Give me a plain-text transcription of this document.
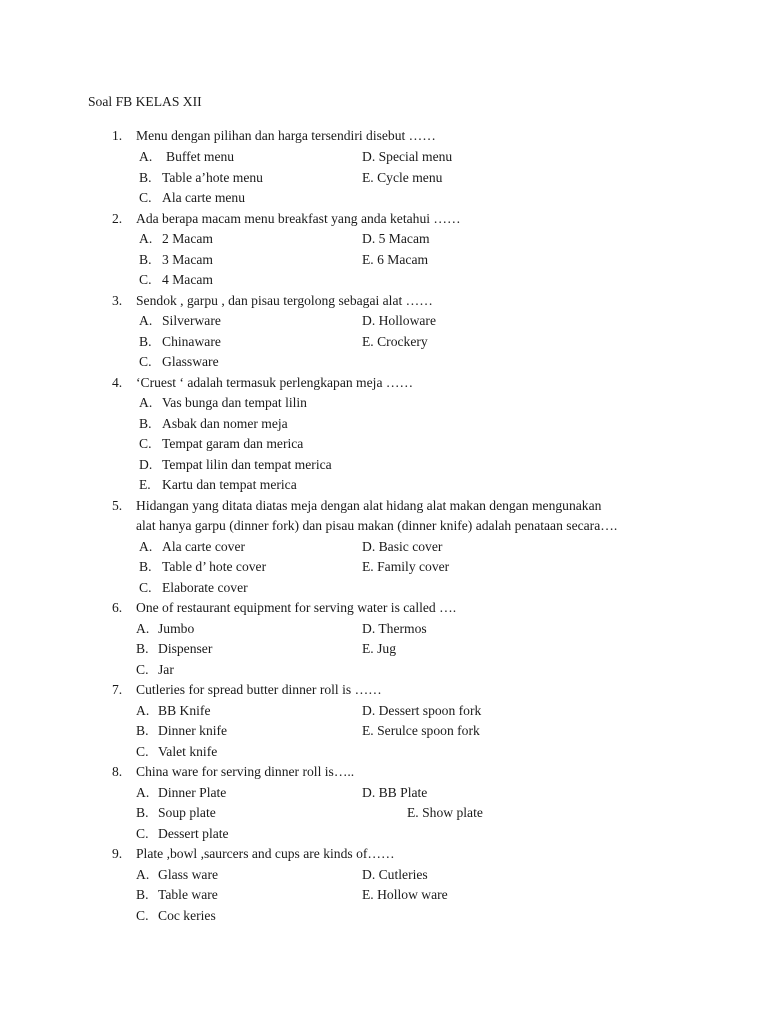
Soal FB KELAS XII
1. Menu dengan pilihan dan harga tersendiri disebut ……
A. Buffet menu	D. Special menu
B. Table a’hote menu	E. Cycle menu
C. Ala carte menu
2. Ada berapa macam menu breakfast yang anda ketahui ……
A. 2 Macam	D. 5 Macam
B. 3 Macam	E. 6 Macam
C. 4 Macam
3. Sendok , garpu , dan pisau tergolong sebagai alat ……
A. Silverware	D. Holloware
B. Chinaware	E. Crockery
C. Glassware
4. ‘Cruest ‘ adalah termasuk perlengkapan meja ……
A. Vas bunga dan tempat lilin
B. Asbak dan nomer meja
C. Tempat garam dan merica
D. Tempat lilin dan tempat merica
E. Kartu dan tempat merica
5. Hidangan yang ditata diatas meja dengan alat hidang alat makan dengan mengunakan
alat hanya garpu (dinner fork) dan pisau makan (dinner knife) adalah penataan secara….
A. Ala carte cover	D. Basic cover
B. Table d’ hote cover	E. Family cover
C. Elaborate cover
6. One of restaurant equipment for serving water is called ….
A. Jumbo	D. Thermos
B. Dispenser	E. Jug
C. Jar
7. Cutleries for spread butter dinner roll is ……
A. BB Knife	D. Dessert spoon fork
B. Dinner knife	E. Serulce spoon fork
C. Valet knife
8. China ware for serving dinner roll is…..
A. Dinner Plate	D. BB Plate
B. Soup plate	E. Show plate
C. Dessert plate
9. Plate ,bowl ,saurcers and cups are kinds of……
A. Glass ware	D. Cutleries
B. Table ware	E. Hollow ware
C. Coc keries
